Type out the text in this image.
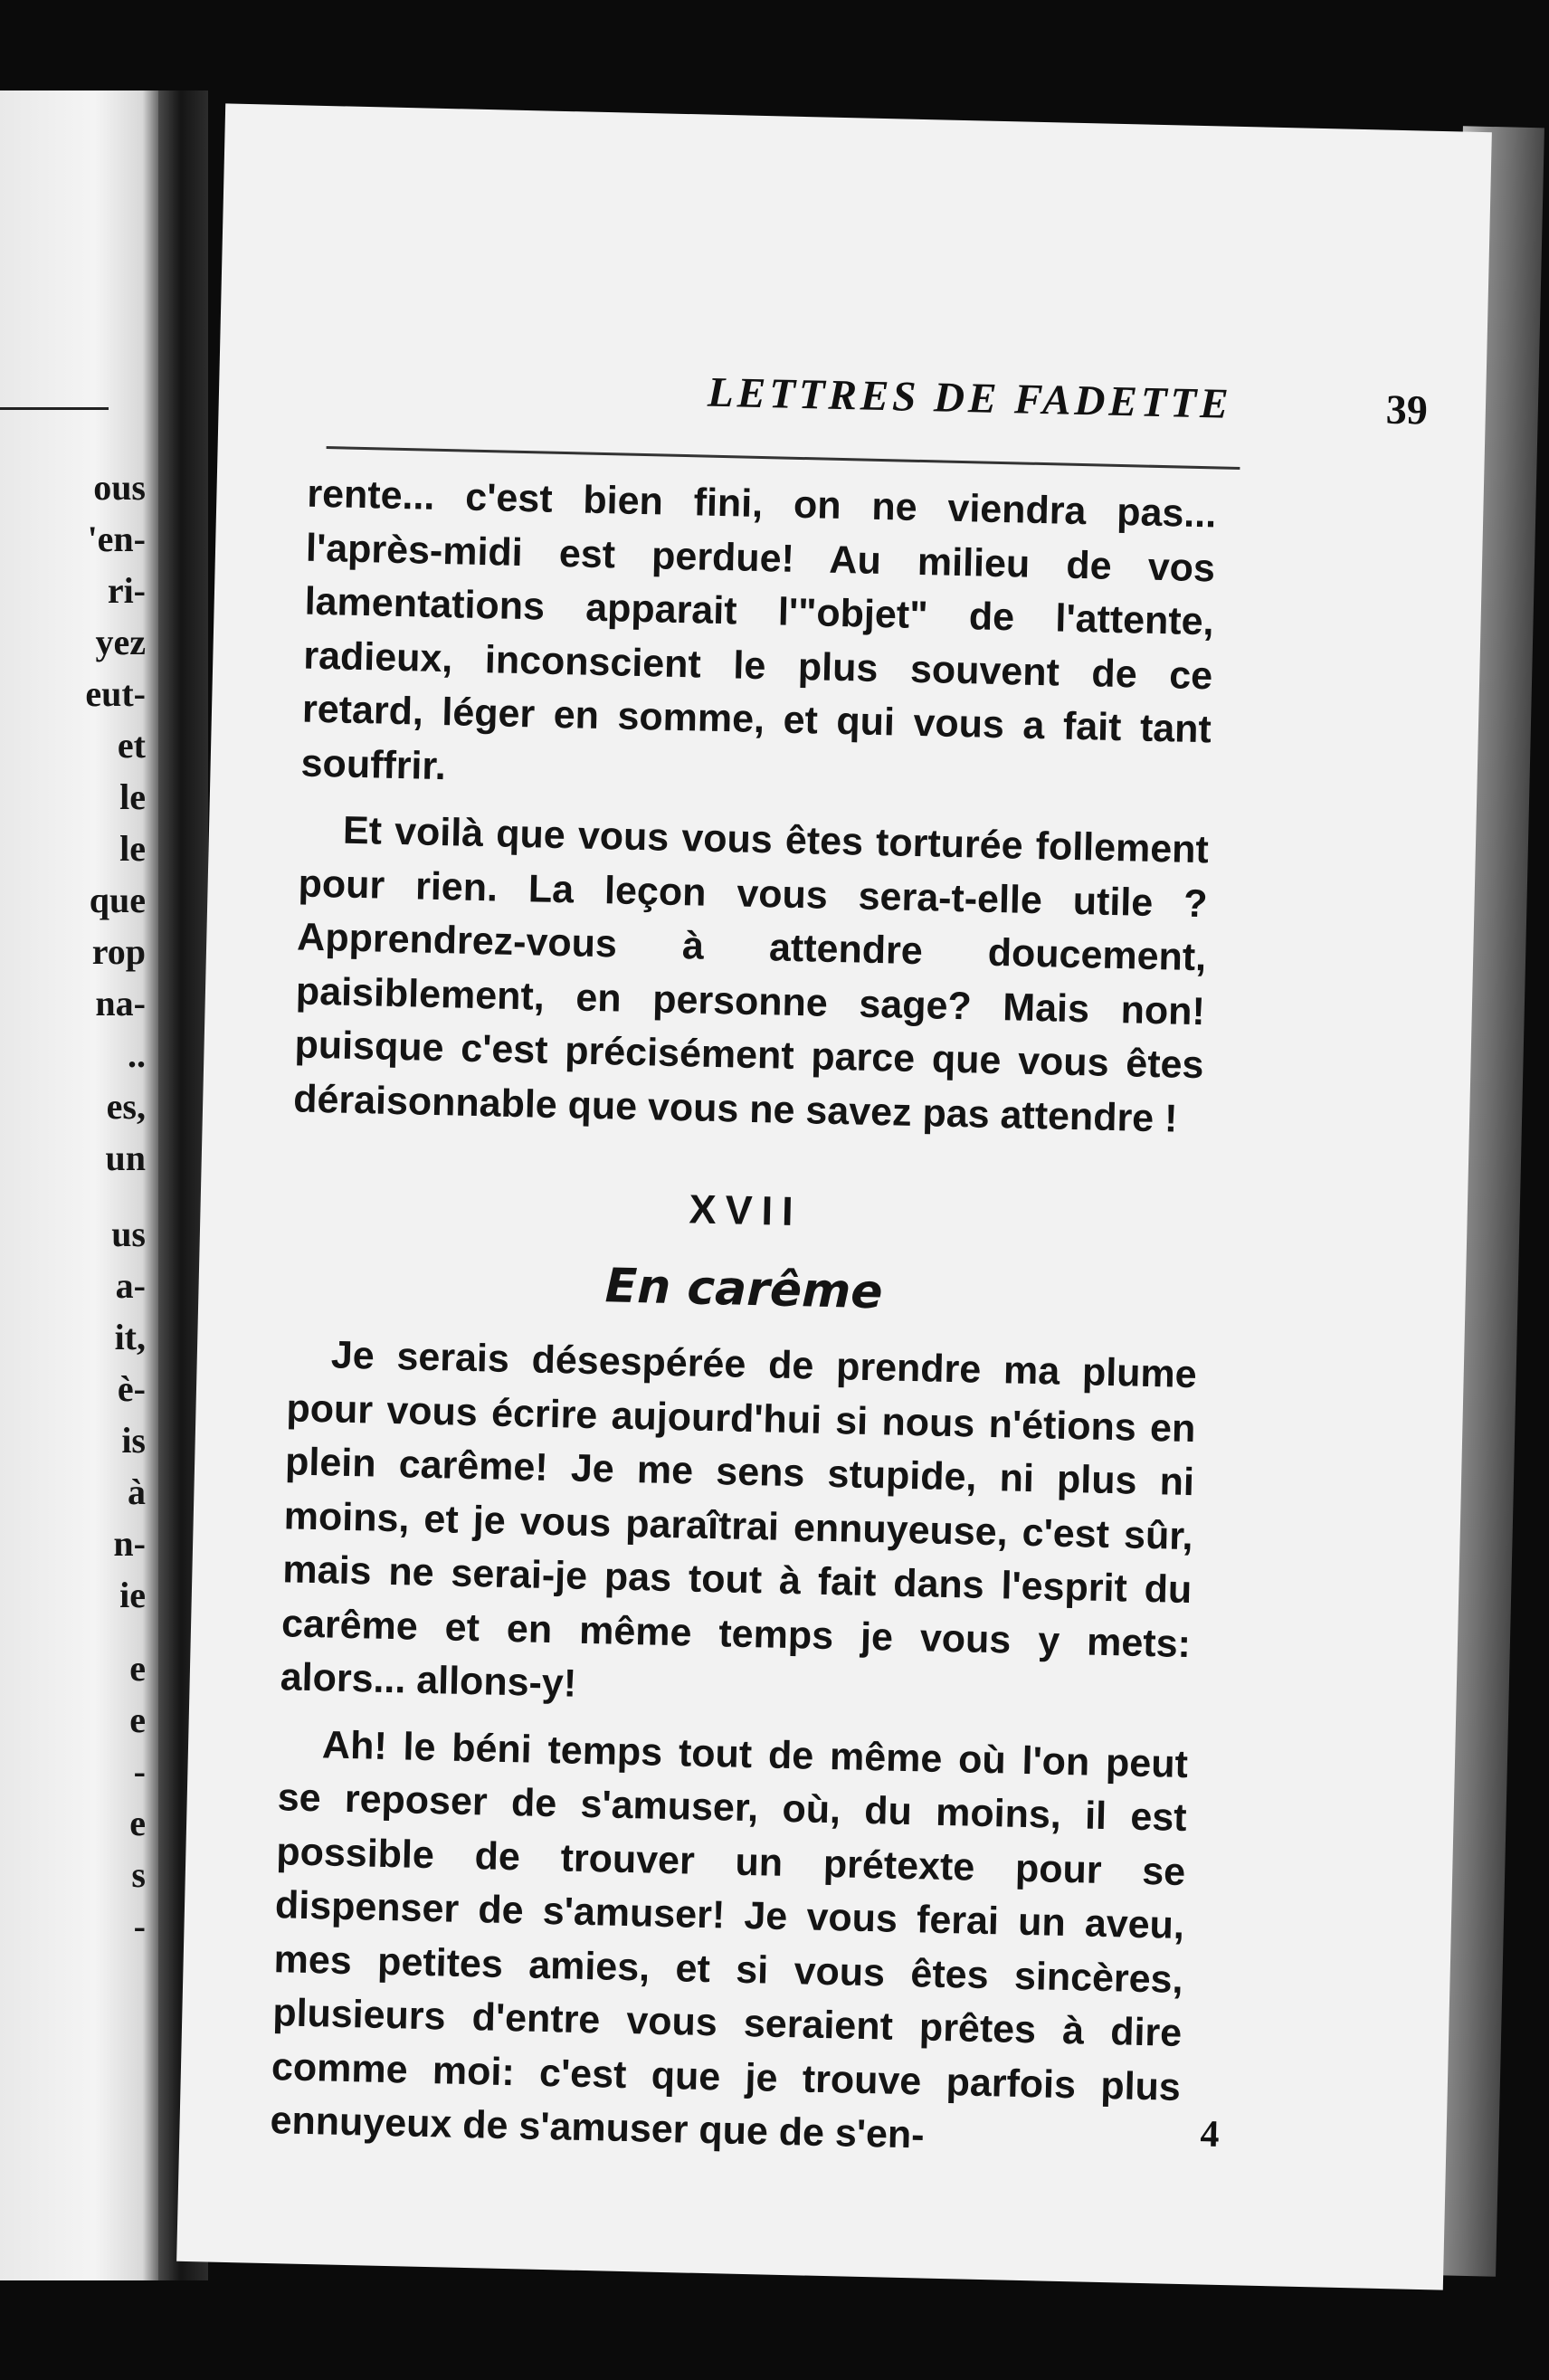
ous
'en-
ri-
yez
eut-
et
le
le
que
rop
na-
..
es,
un
us
a-
it,
è-
is
à
n-
ie
e
e
-
e
s
-
LETTRES DE FADETTE	39

rente... c'est bien fini, on ne viendra pas... l'après-midi est perdue! Au milieu de vos lamentations apparait l'"objet" de l'attente, radieux, inconscient le plus souvent de ce retard, léger en somme, et qui vous a fait tant souffrir.

Et voilà que vous vous êtes torturée follement pour rien. La leçon vous sera-t-elle utile ? Apprendrez-vous à attendre doucement, paisiblement, en personne sage? Mais non! puisque c'est précisément parce que vous êtes déraisonnable que vous ne savez pas attendre !

XVII
En carême

Je serais désespérée de prendre ma plume pour vous écrire aujourd'hui si nous n'étions en plein carême! Je me sens stupide, ni plus ni moins, et je vous paraîtrai ennuyeuse, c'est sûr, mais ne serai-je pas tout à fait dans l'esprit du carême et en même temps je vous y mets: alors... allons-y!

Ah! le béni temps tout de même où l'on peut se reposer de s'amuser, où, du moins, il est possible de trouver un prétexte pour se dispenser de s'amuser! Je vous ferai un aveu, mes petites amies, et si vous êtes sincères, plusieurs d'entre vous seraient prêtes à dire comme moi: c'est que je trouve parfois plus ennuyeux de s'amuser que de s'en-	4
